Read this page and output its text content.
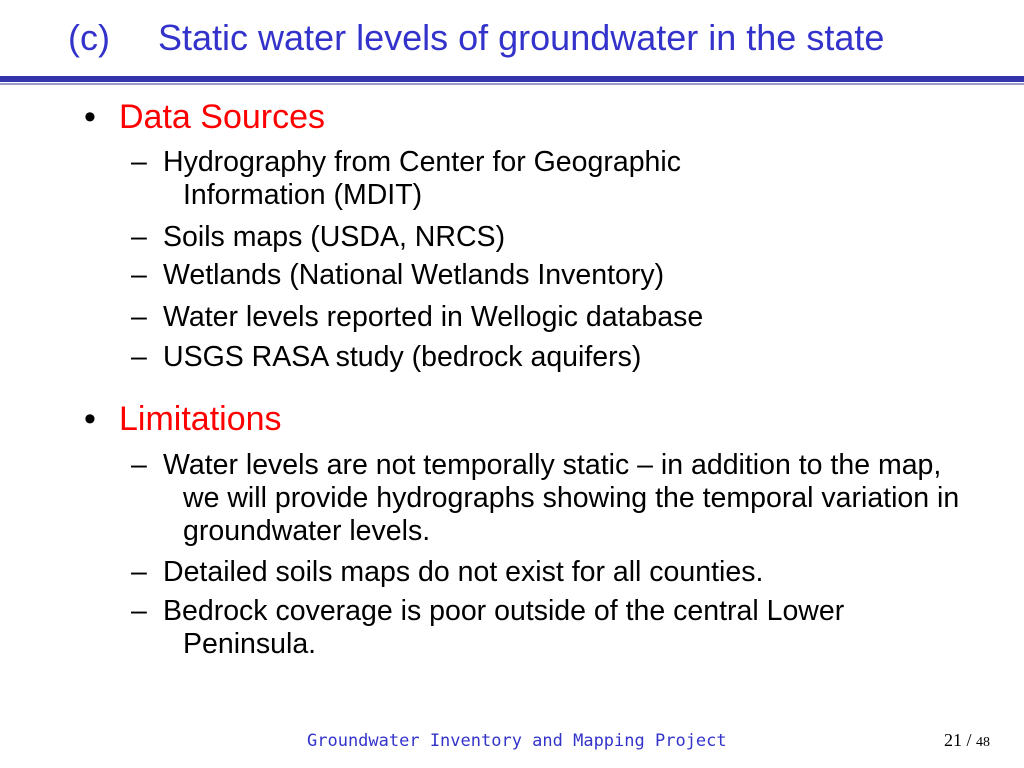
(c) Static water levels of groundwater in the state
• Data Sources
– Hydrography from Center for Geographic Information (MDIT)
– Soils maps (USDA, NRCS)
– Wetlands (National Wetlands Inventory)
– Water levels reported in Wellogic database
– USGS RASA study (bedrock aquifers)
• Limitations
– Water levels are not temporally static – in addition to the map, we will provide hydrographs showing the temporal variation in groundwater levels.
– Detailed soils maps do not exist for all counties.
– Bedrock coverage is poor outside of the central Lower Peninsula.
Groundwater Inventory and Mapping Project	21 / 48
